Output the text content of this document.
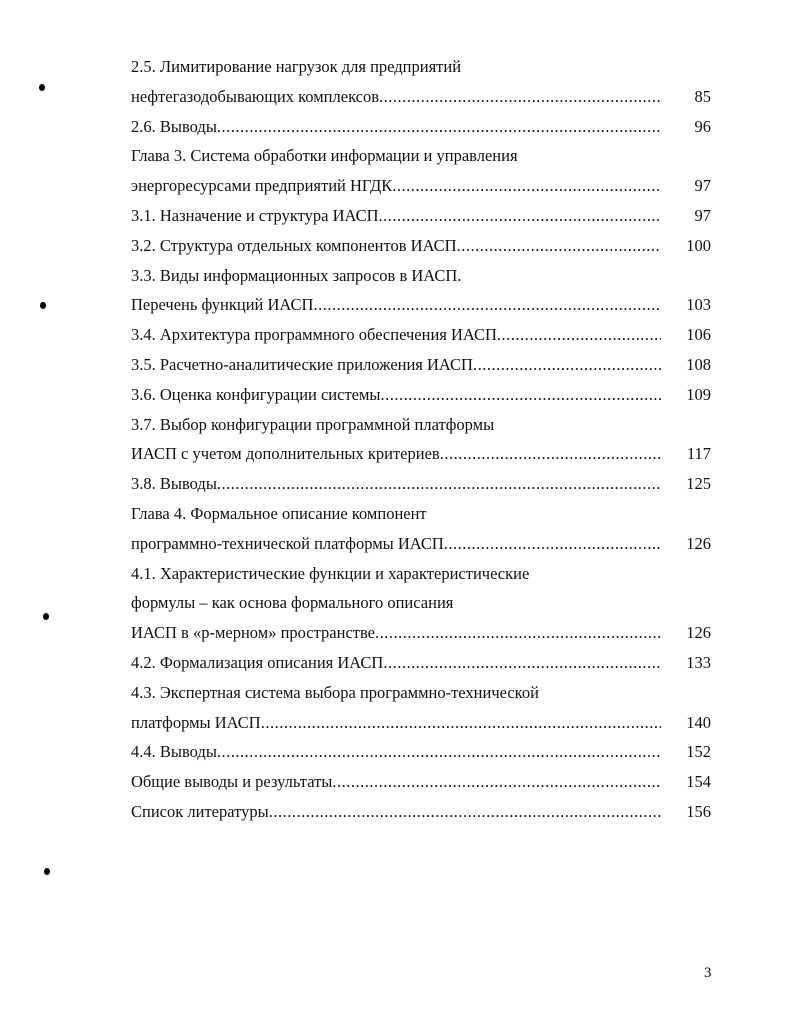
2.5. Лимитирование нагрузок для предприятий
нефтегазодобывающих комплексов .....	85
2.6. Выводы .....	96
Глава 3. Система обработки информации и управления
энергоресурсами предприятий НГДК .....	97
3.1. Назначение и структура ИАСП .....	97
3.2. Структура отдельных компонентов ИАСП .....	100
3.3. Виды информационных запросов в ИАСП.
Перечень функций ИАСП .....	103
3.4. Архитектура программного обеспечения ИАСП .....	106
3.5. Расчетно-аналитические приложения ИАСП .....	108
3.6. Оценка конфигурации системы .....	109
3.7. Выбор конфигурации программной платформы
ИАСП с учетом дополнительных критериев .....	117
3.8. Выводы .....	125
Глава 4. Формальное описание компонент
программно-технической платформы ИАСП .....	126
4.1. Характеристические функции и характеристические
формулы – как основа формального описания
ИАСП в «p-мерном» пространстве .....	126
4.2. Формализация описания ИАСП .....	133
4.3. Экспертная система выбора программно-технической
платформы ИАСП .....	140
4.4. Выводы .....	152
Общие выводы и результаты .....	154
Список литературы .....	156
3
